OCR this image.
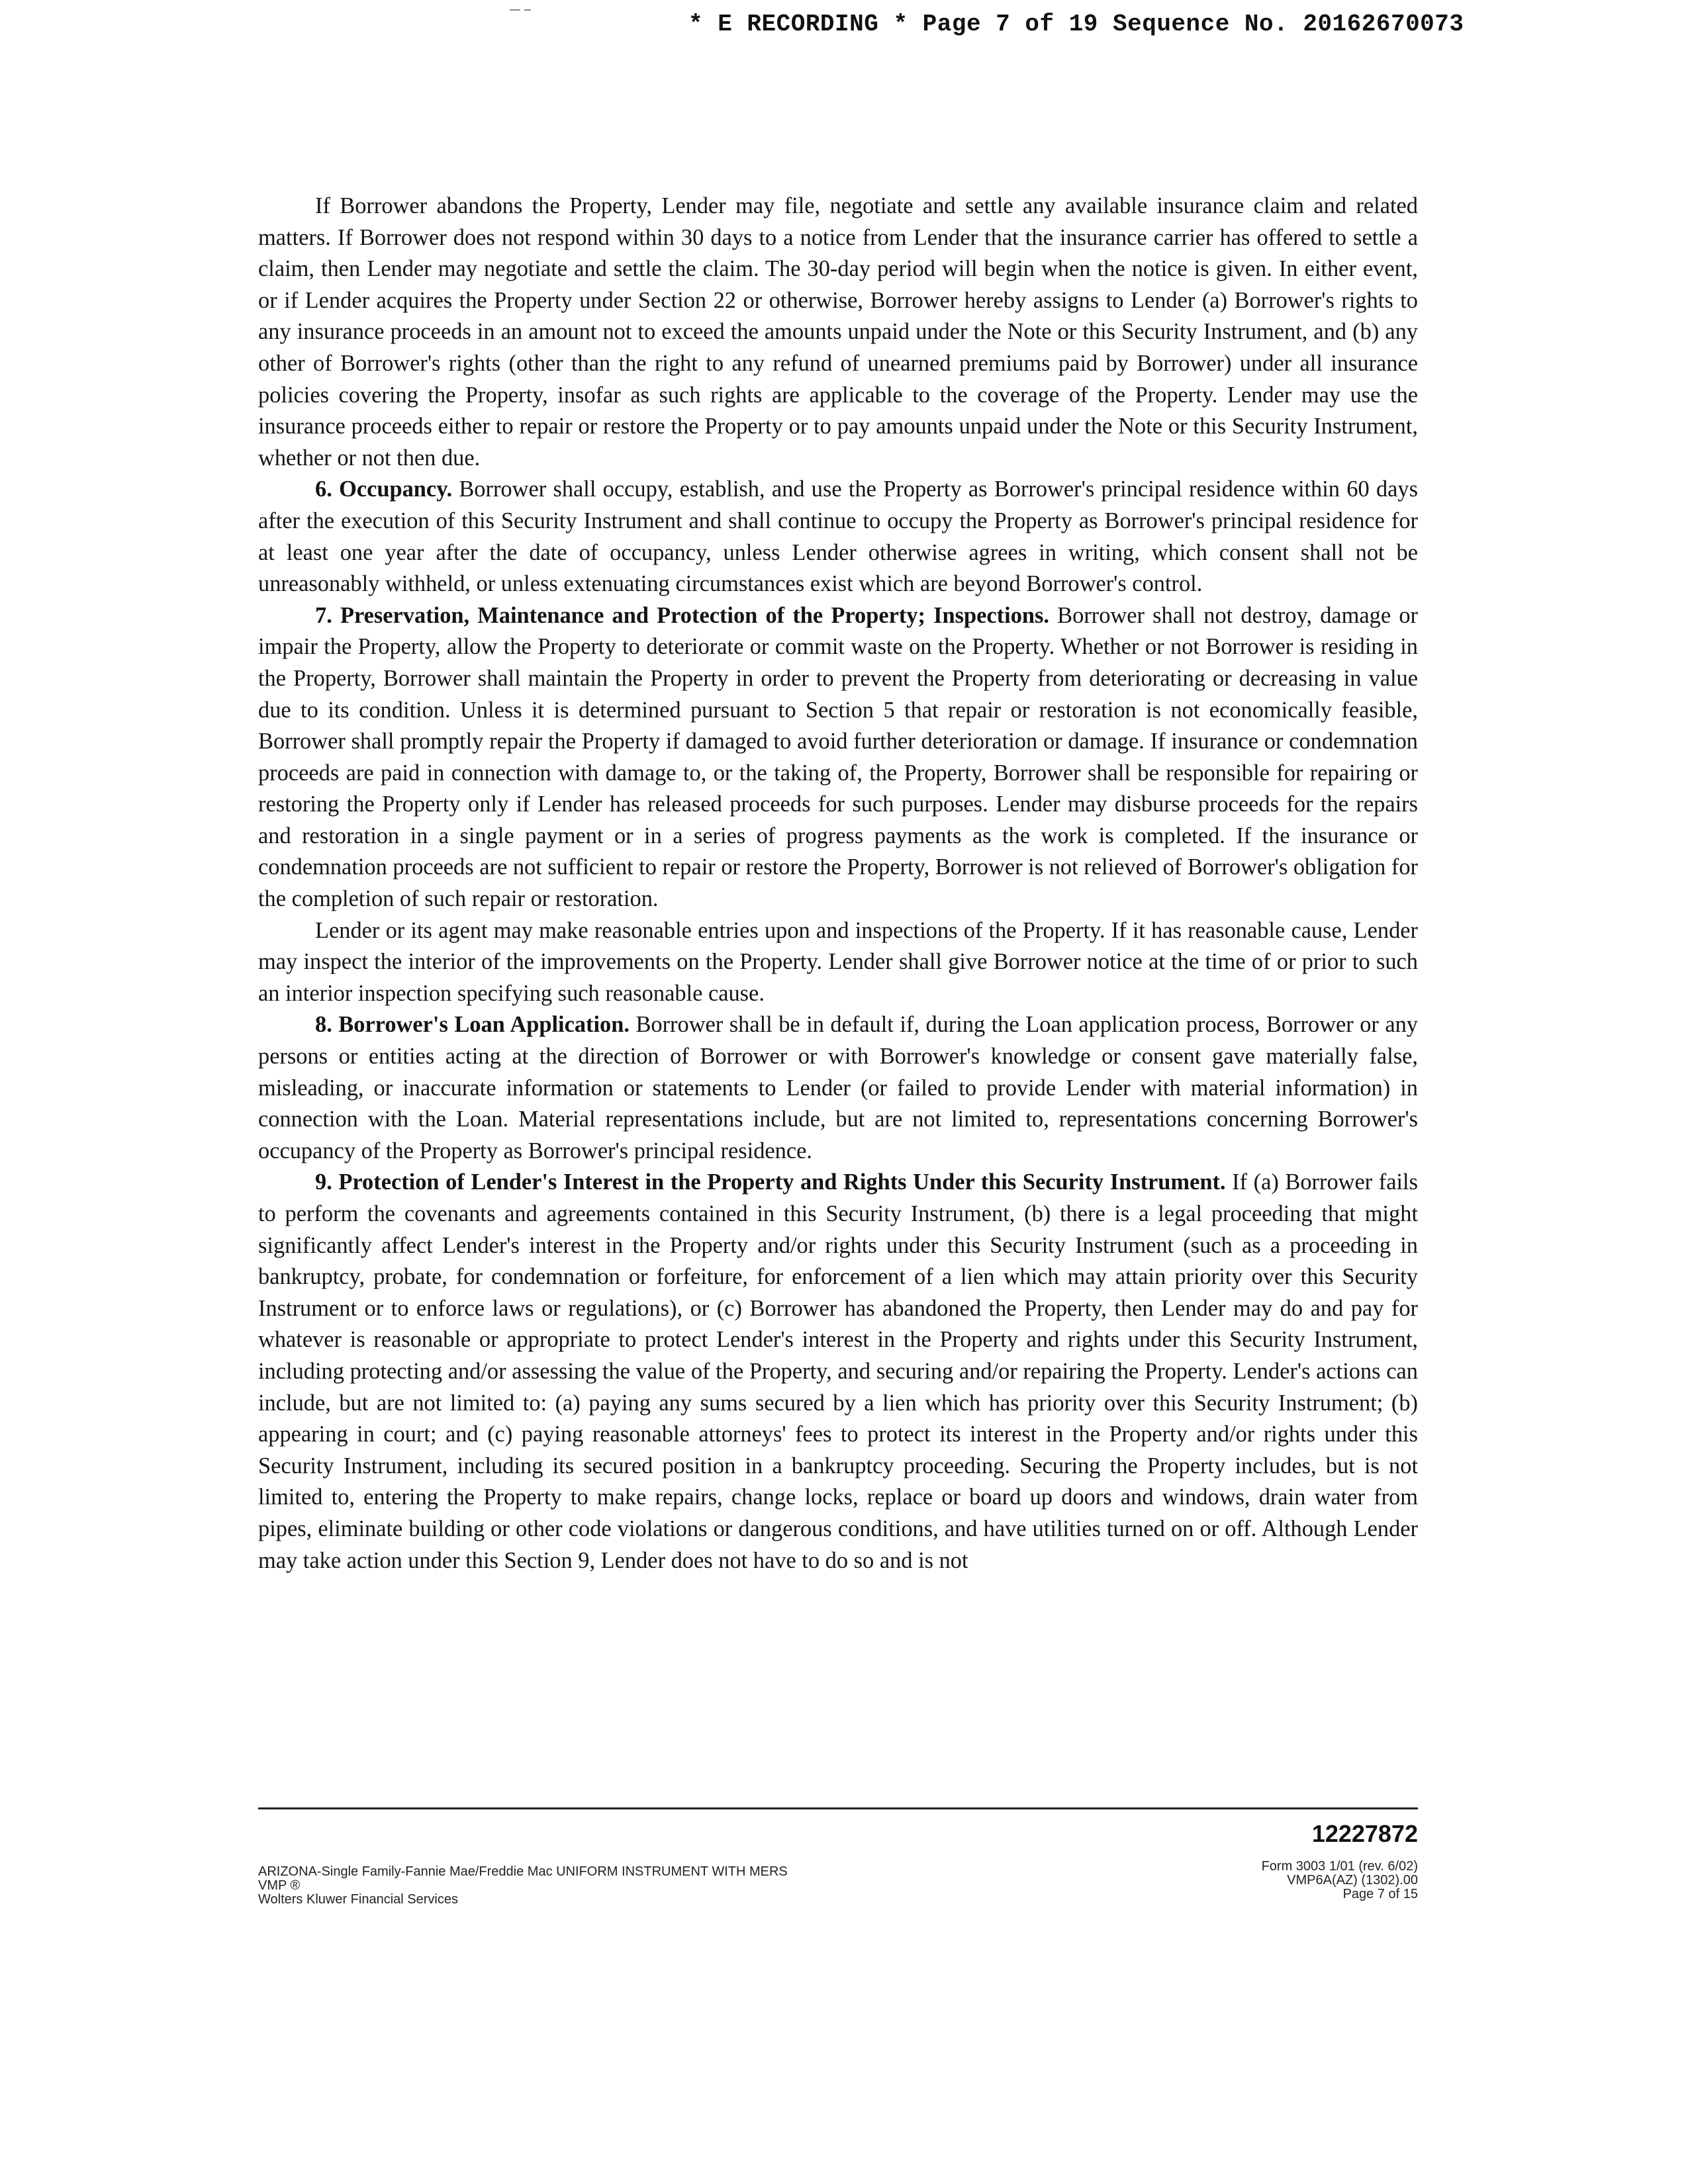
* E RECORDING * Page 7 of 19 Sequence No. 20162670073

If Borrower abandons the Property, Lender may file, negotiate and settle any available insurance claim and related matters. If Borrower does not respond within 30 days to a notice from Lender that the insurance carrier has offered to settle a claim, then Lender may negotiate and settle the claim. The 30-day period will begin when the notice is given. In either event, or if Lender acquires the Property under Section 22 or otherwise, Borrower hereby assigns to Lender (a) Borrower's rights to any insurance proceeds in an amount not to exceed the amounts unpaid under the Note or this Security Instrument, and (b) any other of Borrower's rights (other than the right to any refund of unearned premiums paid by Borrower) under all insurance policies covering the Property, insofar as such rights are applicable to the coverage of the Property. Lender may use the insurance proceeds either to repair or restore the Property or to pay amounts unpaid under the Note or this Security Instrument, whether or not then due.

6. Occupancy. Borrower shall occupy, establish, and use the Property as Borrower's principal residence within 60 days after the execution of this Security Instrument and shall continue to occupy the Property as Borrower's principal residence for at least one year after the date of occupancy, unless Lender otherwise agrees in writing, which consent shall not be unreasonably withheld, or unless extenuating circumstances exist which are beyond Borrower's control.

7. Preservation, Maintenance and Protection of the Property; Inspections. Borrower shall not destroy, damage or impair the Property, allow the Property to deteriorate or commit waste on the Property. Whether or not Borrower is residing in the Property, Borrower shall maintain the Property in order to prevent the Property from deteriorating or decreasing in value due to its condition. Unless it is determined pursuant to Section 5 that repair or restoration is not economically feasible, Borrower shall promptly repair the Property if damaged to avoid further deterioration or damage. If insurance or condemnation proceeds are paid in connection with damage to, or the taking of, the Property, Borrower shall be responsible for repairing or restoring the Property only if Lender has released proceeds for such purposes. Lender may disburse proceeds for the repairs and restoration in a single payment or in a series of progress payments as the work is completed. If the insurance or condemnation proceeds are not sufficient to repair or restore the Property, Borrower is not relieved of Borrower's obligation for the completion of such repair or restoration.

Lender or its agent may make reasonable entries upon and inspections of the Property. If it has reasonable cause, Lender may inspect the interior of the improvements on the Property. Lender shall give Borrower notice at the time of or prior to such an interior inspection specifying such reasonable cause.

8. Borrower's Loan Application. Borrower shall be in default if, during the Loan application process, Borrower or any persons or entities acting at the direction of Borrower or with Borrower's knowledge or consent gave materially false, misleading, or inaccurate information or statements to Lender (or failed to provide Lender with material information) in connection with the Loan. Material representations include, but are not limited to, representations concerning Borrower's occupancy of the Property as Borrower's principal residence.

9. Protection of Lender's Interest in the Property and Rights Under this Security Instrument. If (a) Borrower fails to perform the covenants and agreements contained in this Security Instrument, (b) there is a legal proceeding that might significantly affect Lender's interest in the Property and/or rights under this Security Instrument (such as a proceeding in bankruptcy, probate, for condemnation or forfeiture, for enforcement of a lien which may attain priority over this Security Instrument or to enforce laws or regulations), or (c) Borrower has abandoned the Property, then Lender may do and pay for whatever is reasonable or appropriate to protect Lender's interest in the Property and rights under this Security Instrument, including protecting and/or assessing the value of the Property, and securing and/or repairing the Property. Lender's actions can include, but are not limited to: (a) paying any sums secured by a lien which has priority over this Security Instrument; (b) appearing in court; and (c) paying reasonable attorneys' fees to protect its interest in the Property and/or rights under this Security Instrument, including its secured position in a bankruptcy proceeding. Securing the Property includes, but is not limited to, entering the Property to make repairs, change locks, replace or board up doors and windows, drain water from pipes, eliminate building or other code violations or dangerous conditions, and have utilities turned on or off. Although Lender may take action under this Section 9, Lender does not have to do so and is not

12227872
ARIZONA-Single Family-Fannie Mae/Freddie Mac UNIFORM INSTRUMENT WITH MERS
VMP ®
Wolters Kluwer Financial Services
Form 3003 1/01 (rev. 6/02)
VMP6A(AZ) (1302).00
Page 7 of 15
